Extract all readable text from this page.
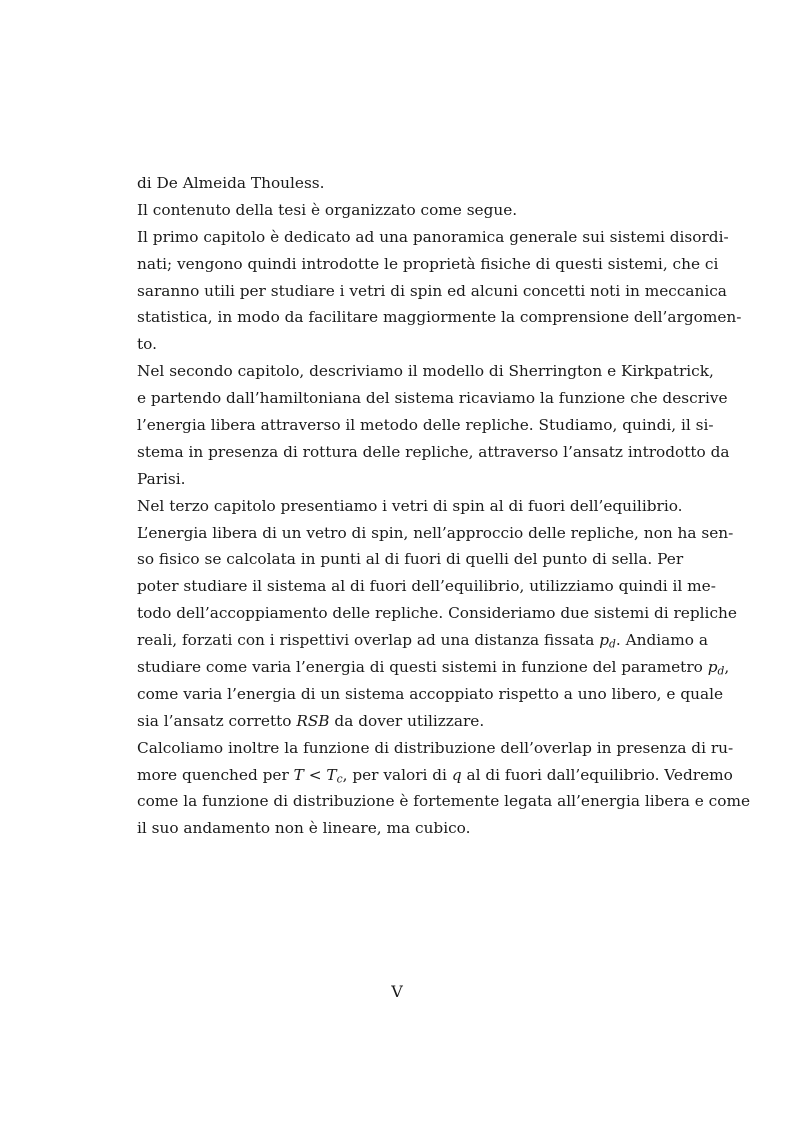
di De Almeida Thouless.

Il contenuto della tesi è organizzato come segue.

Il primo capitolo è dedicato ad una panoramica generale sui sistemi disordi-
nati; vengono quindi introdotte le proprietà fisiche di questi sistemi, che ci
saranno utili per studiare i vetri di spin ed alcuni concetti noti in meccanica
statistica, in modo da facilitare maggiormente la comprensione dell’argomen-
to.

Nel secondo capitolo, descriviamo il modello di Sherrington e Kirkpatrick,
e partendo dall’hamiltoniana del sistema ricaviamo la funzione che descrive
l’energia libera attraverso il metodo delle repliche. Studiamo, quindi, il si-
stema in presenza di rottura delle repliche, attraverso l’ansatz introdotto da
Parisi.

Nel terzo capitolo presentiamo i vetri di spin al di fuori dell’equilibrio.

L’energia libera di un vetro di spin, nell’approccio delle repliche, non ha sen-
so fisico se calcolata in punti al di fuori di quelli del punto di sella. Per
poter studiare il sistema al di fuori dell’equilibrio, utilizziamo quindi il me-
todo dell’accoppiamento delle repliche. Consideriamo due sistemi di repliche
reali, forzati con i rispettivi overlap ad una distanza fissata $p_d$. Andiamo a
studiare come varia l’energia di questi sistemi in funzione del parametro $p_d$,
come varia l’energia di un sistema accoppiato rispetto a uno libero, e quale
sia l’ansatz corretto RSB da dover utilizzare.

Calcoliamo inoltre la funzione di distribuzione dell’overlap in presenza di ru-
more quenched per $T < T_c$, per valori di q al di fuori dall’equilibrio. Vedremo
come la funzione di distribuzione è fortemente legata all’energia libera e come
il suo andamento non è lineare, ma cubico.

V
